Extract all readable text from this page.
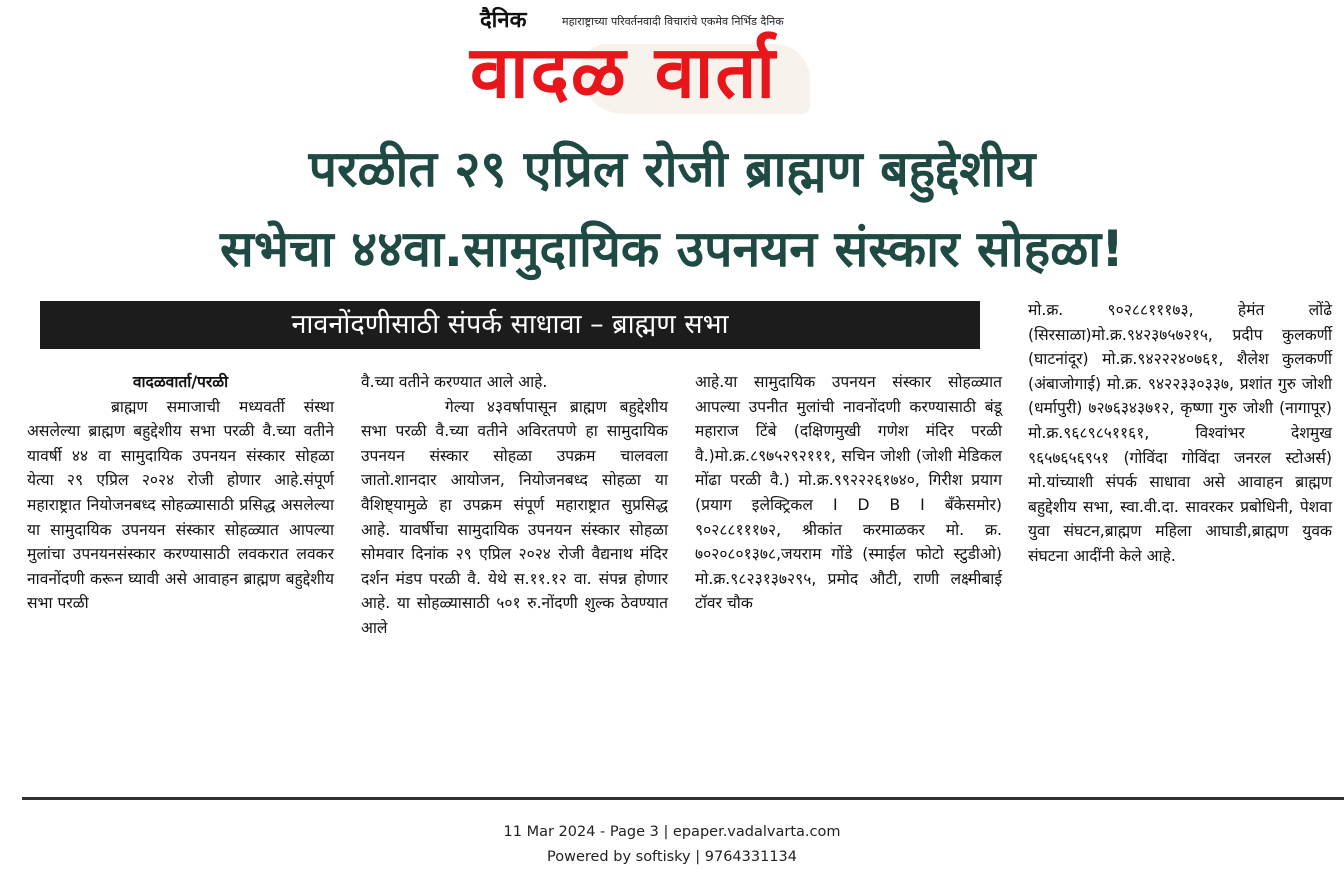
दैनिक	महाराष्ट्राच्या परिवर्तनवादी विचारांचे एकमेव निर्भिड दैनिक
वादळ वार्ता
परळीत २९ एप्रिल रोजी ब्राह्मण बहुद्देशीय
सभेचा ४४वा.सामुदायिक उपनयन संस्कार सोहळा!
नावनोंदणीसाठी संपर्क साधावा – ब्राह्मण सभा

वादळवार्ता/परळी

ब्राह्मण समाजाची मध्यवर्ती संस्था असलेल्या ब्राह्मण बहुद्देशीय सभा परळी वै.च्या वतीने यावर्षी ४४ वा सामुदायिक उपनयन संस्कार सोहळा येत्या २९ एप्रिल २०२४ रोजी होणार आहे.संपूर्ण महाराष्ट्रात नियोजनबध्द सोहळ्यासाठी प्रसिद्ध असलेल्या या सामुदायिक उपनयन संस्कार सोहळ्यात आपल्या मुलांचा उपनयनसंस्कार करण्यासाठी लवकरात लवकर नावनोंदणी करून घ्यावी असे आवाहन ब्राह्मण बहुद्देशीय सभा परळी

वै.च्या वतीने करण्यात आले आहे.

गेल्या ४३वर्षापासून ब्राह्मण बहुद्देशीय सभा परळी वै.च्या वतीने अविरतपणे हा सामुदायिक उपनयन संस्कार सोहळा उपक्रम चालवला जातो.शानदार आयोजन, नियोजनबध्द सोहळा या वैशिष्ट्यामुळे हा उपक्रम संपूर्ण महाराष्ट्रात सुप्रसिद्ध आहे. यावर्षीचा सामुदायिक उपनयन संस्कार सोहळा सोमवार दिनांक २९ एप्रिल २०२४ रोजी वैद्यनाथ मंदिर दर्शन मंडप परळी वै. येथे स.११.१२ वा. संपन्न होणार आहे. या सोहळ्यासाठी ५०१ रु.नोंदणी शुल्क ठेवण्यात आले

आहे.या सामुदायिक उपनयन संस्कार सोहळ्यात आपल्या उपनीत मुलांची नावनोंदणी करण्यासाठी बंडू महाराज टिंबे (दक्षिणमुखी गणेश मंदिर परळी वै.)मो.क्र.८९७५२९२१११, सचिन जोशी (जोशी मेडिकल मोंढा परळी वै.) मो.क्र.९९२२२६१७४०, गिरीश प्रयाग (प्रयाग इलेक्ट्रिकल I D B I बँकेसमोर) ९०२८८१११७२, श्रीकांत करमाळकर मो. क्र. ७०२०८०१३७८,जयराम गोंडे (स्माईल फोटो स्टुडीओ) मो.क्र.९८२३१३७२९५, प्रमोद औटी, राणी लक्ष्मीबाई टॉवर चौक

मो.क्र. ९०२८८१११७३, हेमंत लोंढे (सिरसाळा)मो.क्र.९४२३७५७२१५, प्रदीप कुलकर्णी (घाटनांदूर) मो.क्र.९४२२२४०७६१, शैलेश कुलकर्णी (अंबाजोगाई) मो.क्र. ९४२२३३०३३७, प्रशांत गुरु जोशी (धर्मापुरी) ७२७६३४३७१२, कृष्णा गुरु जोशी (नागापूर) मो.क्र.९६८९८५११६१, विश्वांभर देशमुख ९६५७६५६९५१ (गोविंदा गोविंदा जनरल स्टोअर्स) मो.यांच्याशी संपर्क साधावा असे आवाहन ब्राह्मण बहुद्देशीय सभा, स्वा.वी.दा. सावरकर प्रबोधिनी, पेशवा युवा संघटन,ब्राह्मण महिला आघाडी,ब्राह्मण युवक संघटना आदींनी केले आहे.

11 Mar 2024 - Page 3 | epaper.vadalvarta.com
Powered by softisky | 9764331134
